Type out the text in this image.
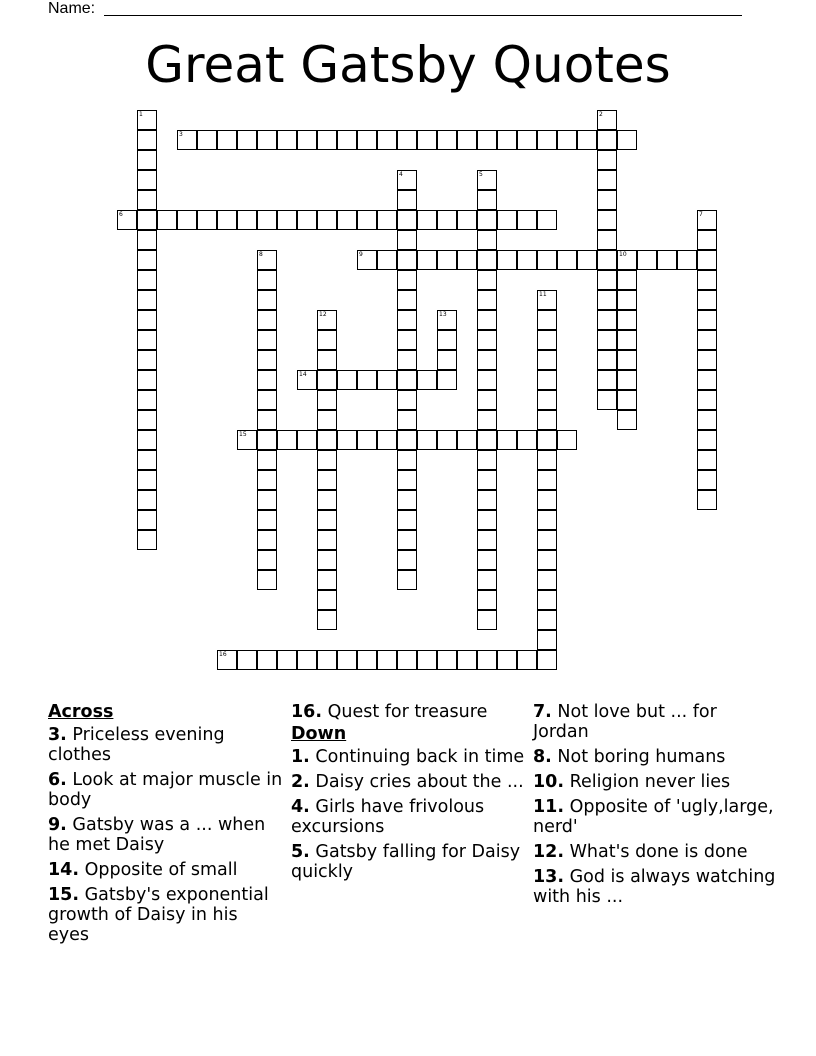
Name:
Great Gatsby Quotes
1	2
3
4	5
6	7
8	9	10
11
12	13
14
15
16
Across
3. Priceless evening clothes
6. Look at major muscle in body
9. Gatsby was a ... when he met Daisy
14. Opposite of small
15. Gatsby's exponential growth of Daisy in his eyes
16. Quest for treasure
Down
1. Continuing back in time
2. Daisy cries about the ...
4. Girls have frivolous excursions
5. Gatsby falling for Daisy quickly
7. Not love but ... for Jordan
8. Not boring humans
10. Religion never lies
11. Opposite of 'ugly,large, nerd'
12. What's done is done
13. God is always watching with his ...
